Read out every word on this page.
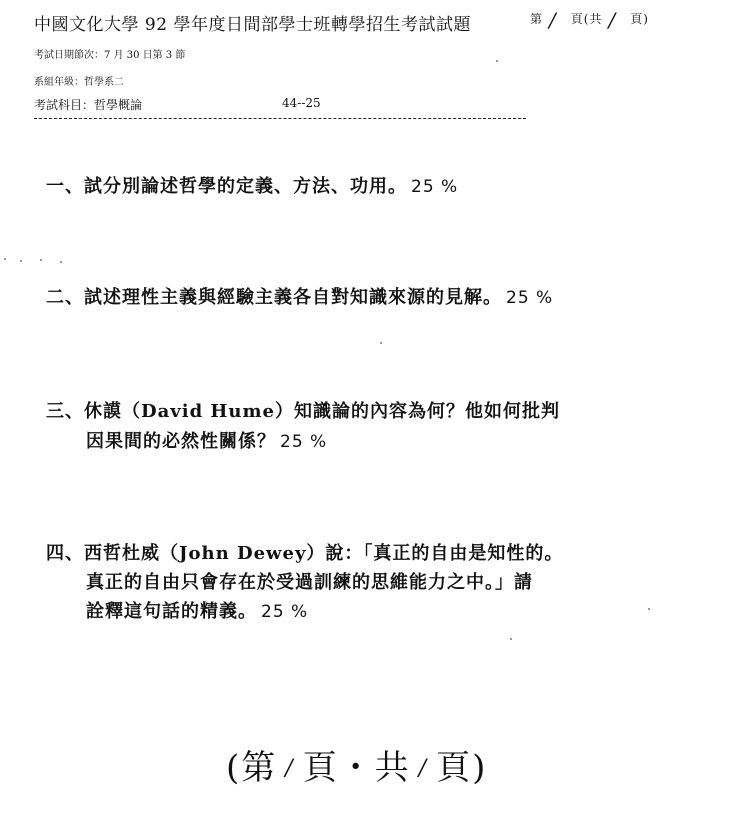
中國文化大學 92 學年度日間部學士班轉學招生考試試題	第 / 頁(共 / 頁)
考試日期節次：7 月 30 日第 3 節
系組年級：哲學系二
考試科目：哲學概論	44--25
一、試分別論述哲學的定義、方法、功用。 25 %
二、試述理性主義與經驗主義各自對知識來源的見解。 25 %
三、休謨（David Hume）知識論的內容為何？他如何批判
因果間的必然性關係？ 25 %
四、西哲杜威（John Dewey）說：「真正的自由是知性的。
真正的自由只會存在於受過訓練的思維能力之中。」請
詮釋這句話的精義。 25 %
(第 / 頁・共 / 頁)
